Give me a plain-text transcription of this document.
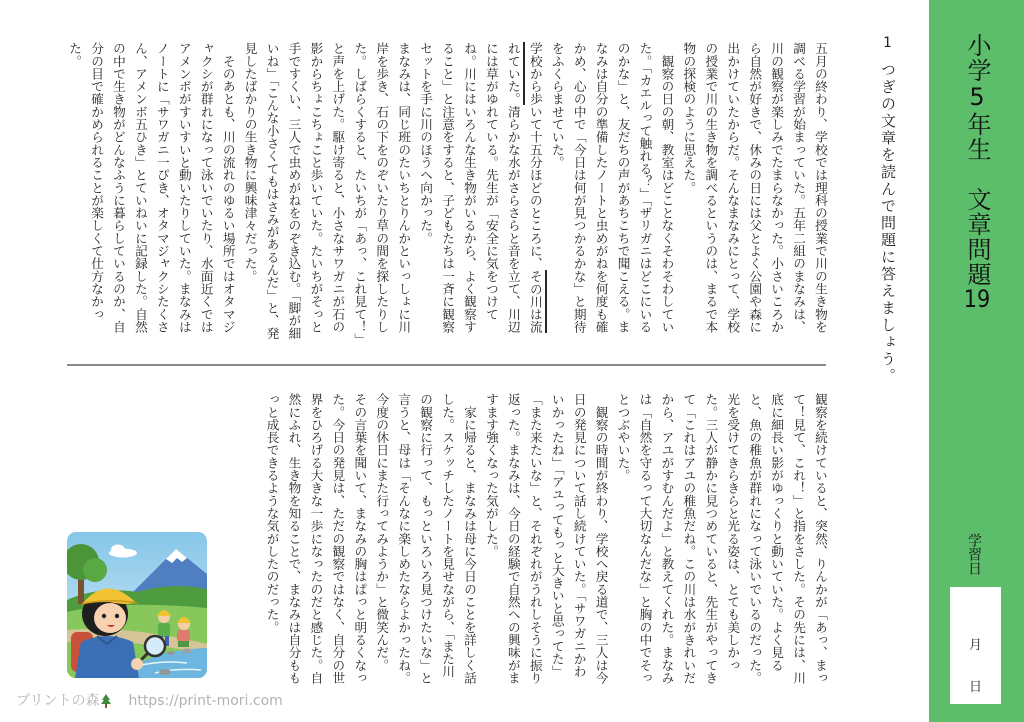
小学5年生　文章問題19
学習日
月
日
1
つぎの文章を読んで問題に答えましょう。
五月の終わり、学校では理科の授業で川の生き物を
調べる学習が始まっていた。五年二組のまなみは、
川の観察が楽しみでたまらなかった。小さいころか
ら自然が好きで、休みの日には父とよく公園や森に
出かけていたからだ。そんなまなみにとって、学校
の授業で川の生き物を調べるというのは、まるで本
物の探検のように思えた。
　観察の日の朝、教室はどことなくそわそわしてい
た。「カエルって触れる？」「ザリガニはどこにいる
のかな」と、友だちの声があちこちで聞こえる。ま
なみは自分の準備したノートと虫めがねを何度も確
かめ、心の中で「今日は何が見つかるかな」と期待
をふくらませていた。
学校から歩いて十五分ほどのところに、その川は流
れていた。清らかな水がさらさらと音を立て、川辺
には草がゆれている。先生が「安全に気をつけて
ね。川にはいろんな生き物がいるから、よく観察す
ること」と注意をすると、子どもたちは一斉に観察
セットを手に川のほうへ向かった。
まなみは、同じ班のたいちとりんかといっしょに川
岸を歩き、石の下をのぞいたり草の間を探したりし
た。しばらくすると、たいちが「あっ、これ見て！」
と声を上げた。駆け寄ると、小さなサワガニが石の
影からちょこちょこと歩いていた。たいちがそっと
手ですくい、三人で虫めがねをのぞき込む。「脚が細
いね」「こんな小さくてもはさみがあるんだ」と、発
見したばかりの生き物に興味津々だった。
　そのあとも、川の流れのゆるい場所ではオタマジ
ャクシが群れになって泳いでいたり、水面近くでは
アメンボがすいすいと動いたりしていた。まなみは
ノートに「サワガニ一ぴき、オタマジャクシたくさ
ん、アメンボ五ひき」とていねいに記録した。自然
の中で生き物がどんなふうに暮らしているのか、自
分の目で確かめられることが楽しくて仕方なかっ
た。
観察を続けていると、突然、りんかが「あっ、まっ
て！見て、これ！」と指をさした。その先には、川
底に細長い影がゆっくりと動いていた。よく見る
と、魚の稚魚が群れになって泳いでいるのだった。
光を受けてきらきらと光る姿は、とても美しかっ
た。三人が静かに見つめていると、先生がやってき
て「これはアユの稚魚だね。この川は水がきれいだ
から、アユがすむんだよ」と教えてくれた。まなみ
は「自然を守るって大切なんだな」と胸の中でそっ
とつぶやいた。
　観察の時間が終わり、学校へ戻る道で、三人は今
日の発見について話し続けていた。「サワガニかわ
いかったね」「アユってもっと大きいと思ってた」
「また来たいな」と、それぞれがうれしそうに振り
返った。まなみは、今日の経験で自然への興味がま
すます強くなった気がした。
　家に帰ると、まなみは母に今日のことを詳しく話
した。スケッチしたノートを見せながら、「また川
の観察に行って、もっといろいろ見つけたいな」と
言うと、母は「そんなに楽しめたならよかったね。
今度の休日にまた行ってみようか」と微笑んだ。
その言葉を聞いて、まなみの胸はぱっと明るくなっ
た。今日の発見は、ただの観察ではなく、自分の世
界をひろげる大きな一歩になったのだと感じた。自
然にふれ、生き物を知ることで、まなみは自分もも
っと成長できるような気がしたのだった。
プリントの森 https://print-mori.com
